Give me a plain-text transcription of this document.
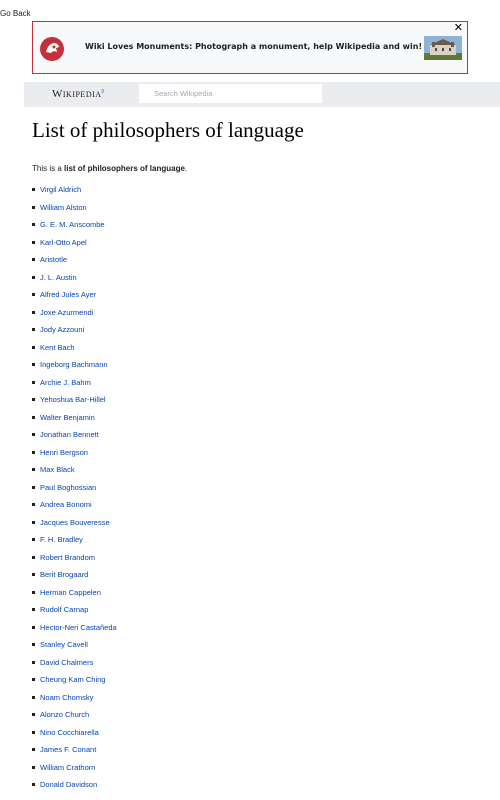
Go Back
Wiki Loves Monuments: Photograph a monument, help Wikipedia and win!
✕
Wikipedia$^\beta$
Search Wikipedia
List of philosophers of language
This is a list of philosophers of language.
Virgil Aldrich
William Alston
G. E. M. Anscombe
Karl-Otto Apel
Aristotle
J. L. Austin
Alfred Jules Ayer
Joxe Azurmendi
Jody Azzouni
Kent Bach
Ingeborg Bachmann
Archie J. Bahm
Yehoshua Bar-Hillel
Walter Benjamin
Jonathan Bennett
Henri Bergson
Max Black
Paul Boghossian
Andrea Bonomi
Jacques Bouveresse
F. H. Bradley
Robert Brandom
Berit Brogaard
Herman Cappelen
Rudolf Carnap
Hector-Neri Castañeda
Stanley Cavell
David Chalmers
Cheung Kam Ching
Noam Chomsky
Alonzo Church
Nino Cocchiarella
James F. Conant
William Crathorn
Donald Davidson
